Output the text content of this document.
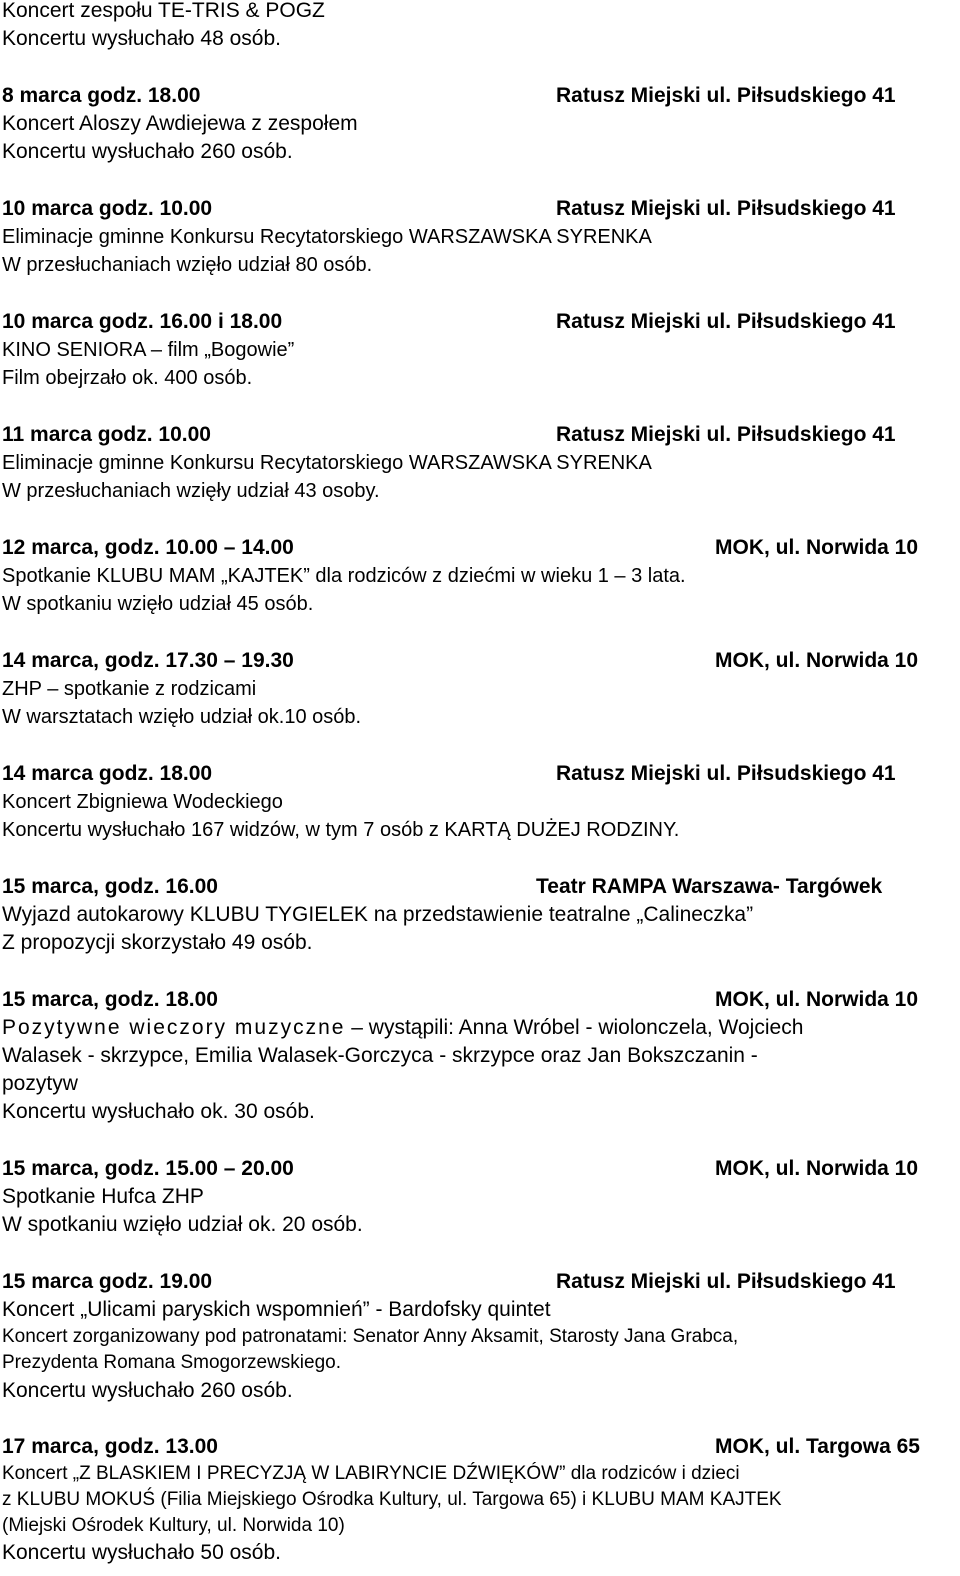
Koncert zespołu TE-TRIS & POGZ
Koncertu wysłuchało 48 osób.
8 marca godz. 18.00	Ratusz Miejski ul. Piłsudskiego 41
Koncert Aloszy Awdiejewa z zespołem
Koncertu wysłuchało 260 osób.
10 marca godz. 10.00	Ratusz Miejski ul. Piłsudskiego 41
Eliminacje gminne Konkursu Recytatorskiego WARSZAWSKA SYRENKA
W przesłuchaniach wzięło udział 80 osób.
10 marca godz. 16.00 i 18.00	Ratusz Miejski ul. Piłsudskiego 41
KINO SENIORA – film „Bogowie”
Film obejrzało ok. 400 osób.
11 marca godz. 10.00	Ratusz Miejski ul. Piłsudskiego 41
Eliminacje gminne Konkursu Recytatorskiego WARSZAWSKA SYRENKA
W przesłuchaniach wzięły udział 43 osoby.
12 marca, godz. 10.00 – 14.00	MOK, ul. Norwida 10
Spotkanie KLUBU MAM „KAJTEK” dla rodziców z dziećmi w wieku 1 – 3 lata.
W spotkaniu wzięło udział 45 osób.
14 marca, godz. 17.30 – 19.30	MOK, ul. Norwida 10
ZHP – spotkanie z rodzicami
W warsztatach wzięło udział ok.10 osób.
14 marca godz. 18.00	Ratusz Miejski ul. Piłsudskiego 41
Koncert Zbigniewa Wodeckiego
Koncertu wysłuchało 167 widzów, w tym 7 osób z KARTĄ DUŻEJ RODZINY.
15 marca, godz. 16.00	Teatr RAMPA Warszawa- Targówek
Wyjazd autokarowy KLUBU TYGIELEK na przedstawienie teatralne „Calineczka”
Z propozycji skorzystało 49 osób.
15 marca, godz. 18.00	MOK, ul. Norwida 10
Pozytywne wieczory muzyczne – wystąpili: Anna Wróbel - wiolonczela, Wojciech
Walasek - skrzypce, Emilia Walasek-Gorczyca - skrzypce oraz Jan Bokszczanin -
pozytyw
Koncertu wysłuchało ok. 30 osób.
15 marca, godz. 15.00 – 20.00	MOK, ul. Norwida 10
Spotkanie Hufca ZHP
W spotkaniu wzięło udział ok. 20 osób.
15 marca godz. 19.00	Ratusz Miejski ul. Piłsudskiego 41
Koncert „Ulicami paryskich wspomnień” - Bardofsky quintet
Koncert zorganizowany pod patronatami: Senator Anny Aksamit, Starosty Jana Grabca,
Prezydenta Romana Smogorzewskiego.
Koncertu wysłuchało 260 osób.
17 marca, godz. 13.00	MOK, ul. Targowa 65
Koncert „Z BLASKIEM I PRECYZJĄ W LABIRYNCIE DŹWIĘKÓW” dla rodziców i dzieci
z KLUBU MOKUŚ (Filia Miejskiego Ośrodka Kultury, ul. Targowa 65) i KLUBU MAM KAJTEK
(Miejski Ośrodek Kultury, ul. Norwida 10)
Koncertu wysłuchało 50 osób.
